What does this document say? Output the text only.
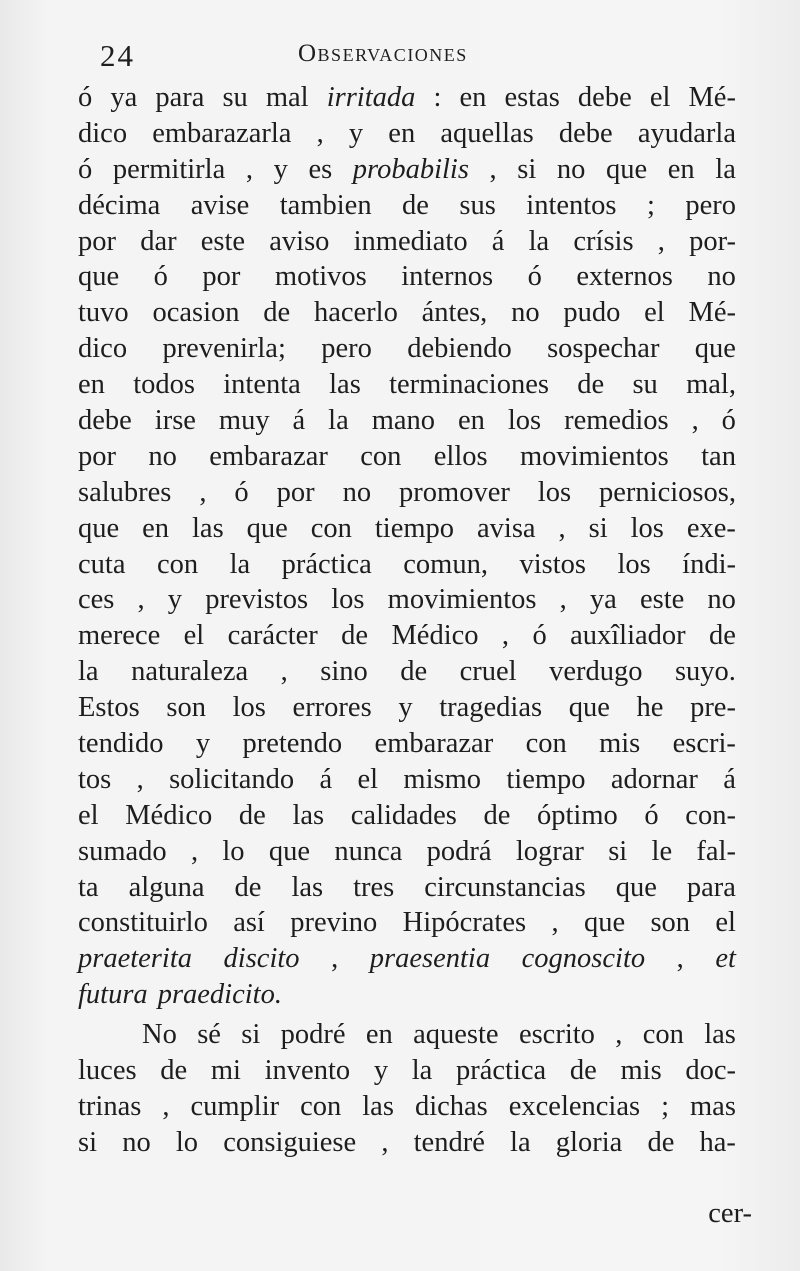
24	Observaciones
ó ya para su mal irritada : en estas debe el Mé-
dico embarazarla , y en aquellas debe ayudarla
ó permitirla , y es probabilis , si no que en la
décima avise tambien de sus intentos ; pero
por dar este aviso inmediato á la crísis , por-
que ó por motivos internos ó externos no
tuvo ocasion de hacerlo ántes, no pudo el Mé-
dico prevenirla; pero debiendo sospechar que
en todos intenta las terminaciones de su mal,
debe irse muy á la mano en los remedios , ó
por no embarazar con ellos movimientos tan
salubres , ó por no promover los perniciosos,
que en las que con tiempo avisa , si los exe-
cuta con la práctica comun, vistos los índi-
ces , y previstos los movimientos , ya este no
merece el carácter de Médico , ó auxîliador de
la naturaleza , sino de cruel verdugo suyo.
Estos son los errores y tragedias que he pre-
tendido y pretendo embarazar con mis escri-
tos , solicitando á el mismo tiempo adornar á
el Médico de las calidades de óptimo ó con-
sumado , lo que nunca podrá lograr si le fal-
ta alguna de las tres circunstancias que para
constituirlo así previno Hipócrates , que son el
praeterita discito , praesentia cognoscito , et
futura praedicito.
No sé si podré en aqueste escrito , con las
luces de mi invento y la práctica de mis doc-
trinas , cumplir con las dichas excelencias ; mas
si no lo consiguiese , tendré la gloria de ha-
cer-
